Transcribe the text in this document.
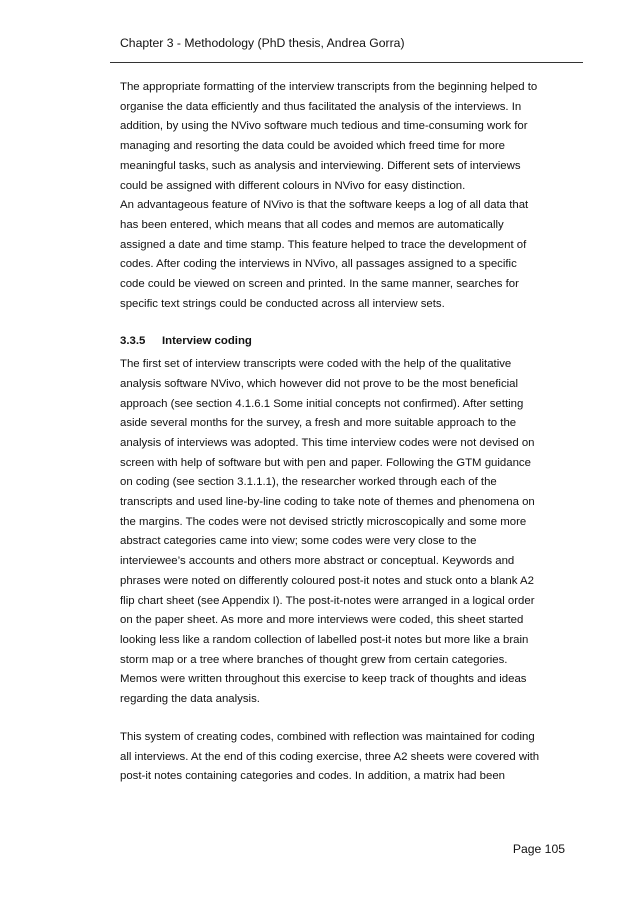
Chapter 3 - Methodology (PhD thesis, Andrea Gorra)

The appropriate formatting of the interview transcripts from the beginning helped to
organise the data efficiently and thus facilitated the analysis of the interviews. In
addition, by using the NVivo software much tedious and time-consuming work for
managing and resorting the data could be avoided which freed time for more
meaningful tasks, such as analysis and interviewing. Different sets of interviews
could be assigned with different colours in NVivo for easy distinction.

An advantageous feature of NVivo is that the software keeps a log of all data that
has been entered, which means that all codes and memos are automatically
assigned a date and time stamp. This feature helped to trace the development of
codes. After coding the interviews in NVivo, all passages assigned to a specific
code could be viewed on screen and printed. In the same manner, searches for
specific text strings could be conducted across all interview sets.

3.3.5 Interview coding

The first set of interview transcripts were coded with the help of the qualitative
analysis software NVivo, which however did not prove to be the most beneficial
approach (see section 4.1.6.1 Some initial concepts not confirmed). After setting
aside several months for the survey, a fresh and more suitable approach to the
analysis of interviews was adopted. This time interview codes were not devised on
screen with help of software but with pen and paper. Following the GTM guidance
on coding (see section 3.1.1.1), the researcher worked through each of the
transcripts and used line-by-line coding to take note of themes and phenomena on
the margins. The codes were not devised strictly microscopically and some more
abstract categories came into view; some codes were very close to the
interviewee’s accounts and others more abstract or conceptual. Keywords and
phrases were noted on differently coloured post-it notes and stuck onto a blank A2
flip chart sheet (see Appendix I). The post-it-notes were arranged in a logical order
on the paper sheet. As more and more interviews were coded, this sheet started
looking less like a random collection of labelled post-it notes but more like a brain
storm map or a tree where branches of thought grew from certain categories.
Memos were written throughout this exercise to keep track of thoughts and ideas
regarding the data analysis.

This system of creating codes, combined with reflection was maintained for coding
all interviews. At the end of this coding exercise, three A2 sheets were covered with
post-it notes containing categories and codes. In addition, a matrix had been

Page 105
